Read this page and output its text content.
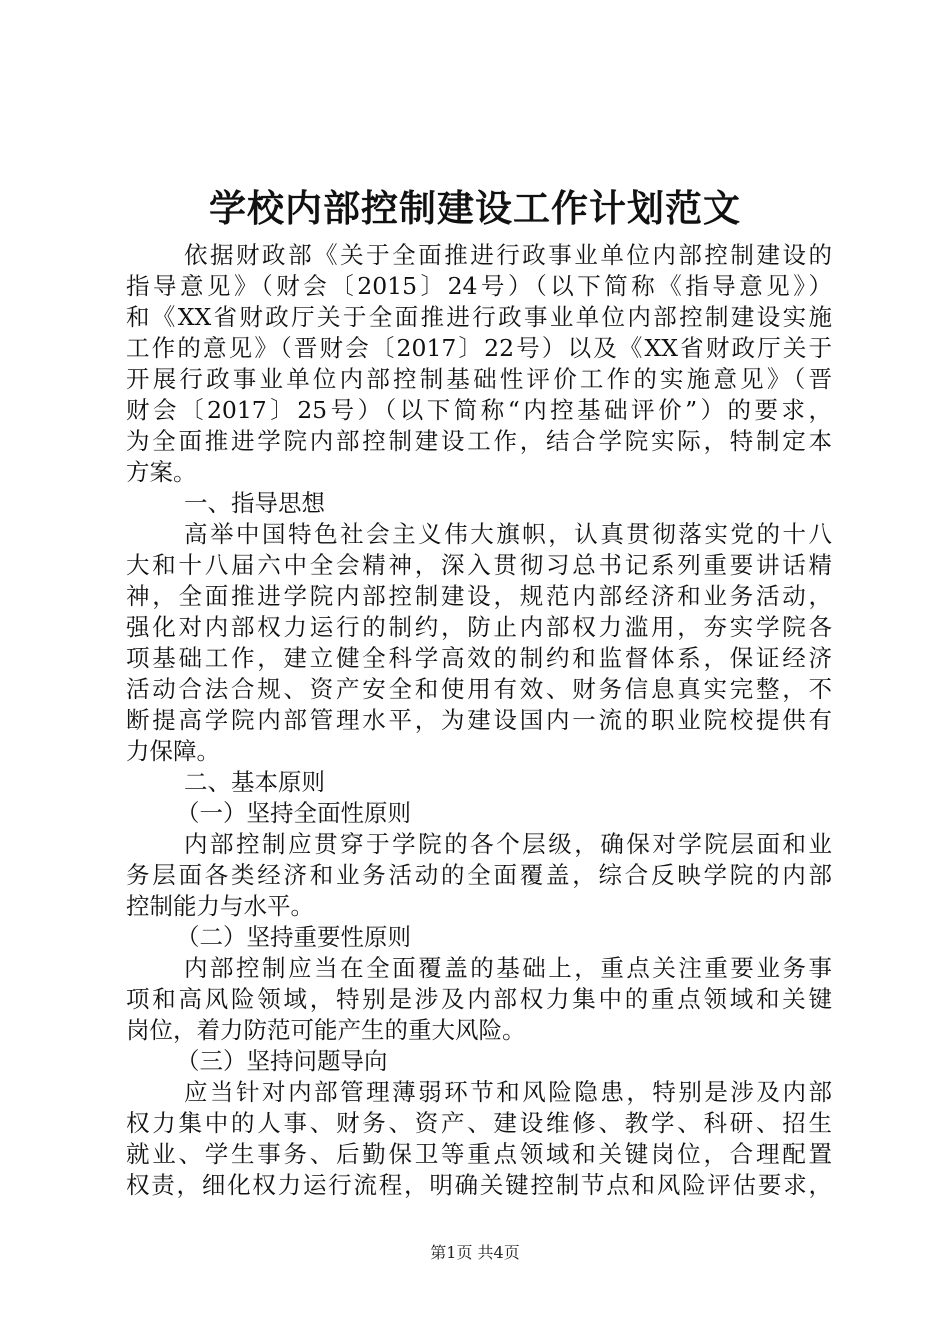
学校内部控制建设工作计划范文
依据财政部《关于全面推进行政事业单位内部控制建设的
指导意见》（财会〔2015〕24号）（以下简称《指导意见》）
和《XX省财政厅关于全面推进行政事业单位内部控制建设实施
工作的意见》（晋财会〔2017〕22号）以及《XX省财政厅关于
开展行政事业单位内部控制基础性评价工作的实施意见》（晋
财会〔2017〕25号）（以下简称“内控基础评价”）的要求，
为全面推进学院内部控制建设工作，结合学院实际，特制定本
方案。
一、指导思想
高举中国特色社会主义伟大旗帜，认真贯彻落实党的十八
大和十八届六中全会精神，深入贯彻习总书记系列重要讲话精
神，全面推进学院内部控制建设，规范内部经济和业务活动，
强化对内部权力运行的制约，防止内部权力滥用，夯实学院各
项基础工作，建立健全科学高效的制约和监督体系，保证经济
活动合法合规、资产安全和使用有效、财务信息真实完整，不
断提高学院内部管理水平，为建设国内一流的职业院校提供有
力保障。
二、基本原则
（一）坚持全面性原则
内部控制应贯穿于学院的各个层级，确保对学院层面和业
务层面各类经济和业务活动的全面覆盖，综合反映学院的内部
控制能力与水平。
（二）坚持重要性原则
内部控制应当在全面覆盖的基础上，重点关注重要业务事
项和高风险领域，特别是涉及内部权力集中的重点领域和关键
岗位，着力防范可能产生的重大风险。
（三）坚持问题导向
应当针对内部管理薄弱环节和风险隐患，特别是涉及内部
权力集中的人事、财务、资产、建设维修、教学、科研、招生
就业、学生事务、后勤保卫等重点领域和关键岗位，合理配置
权责，细化权力运行流程，明确关键控制节点和风险评估要求，
第1页 共4页
